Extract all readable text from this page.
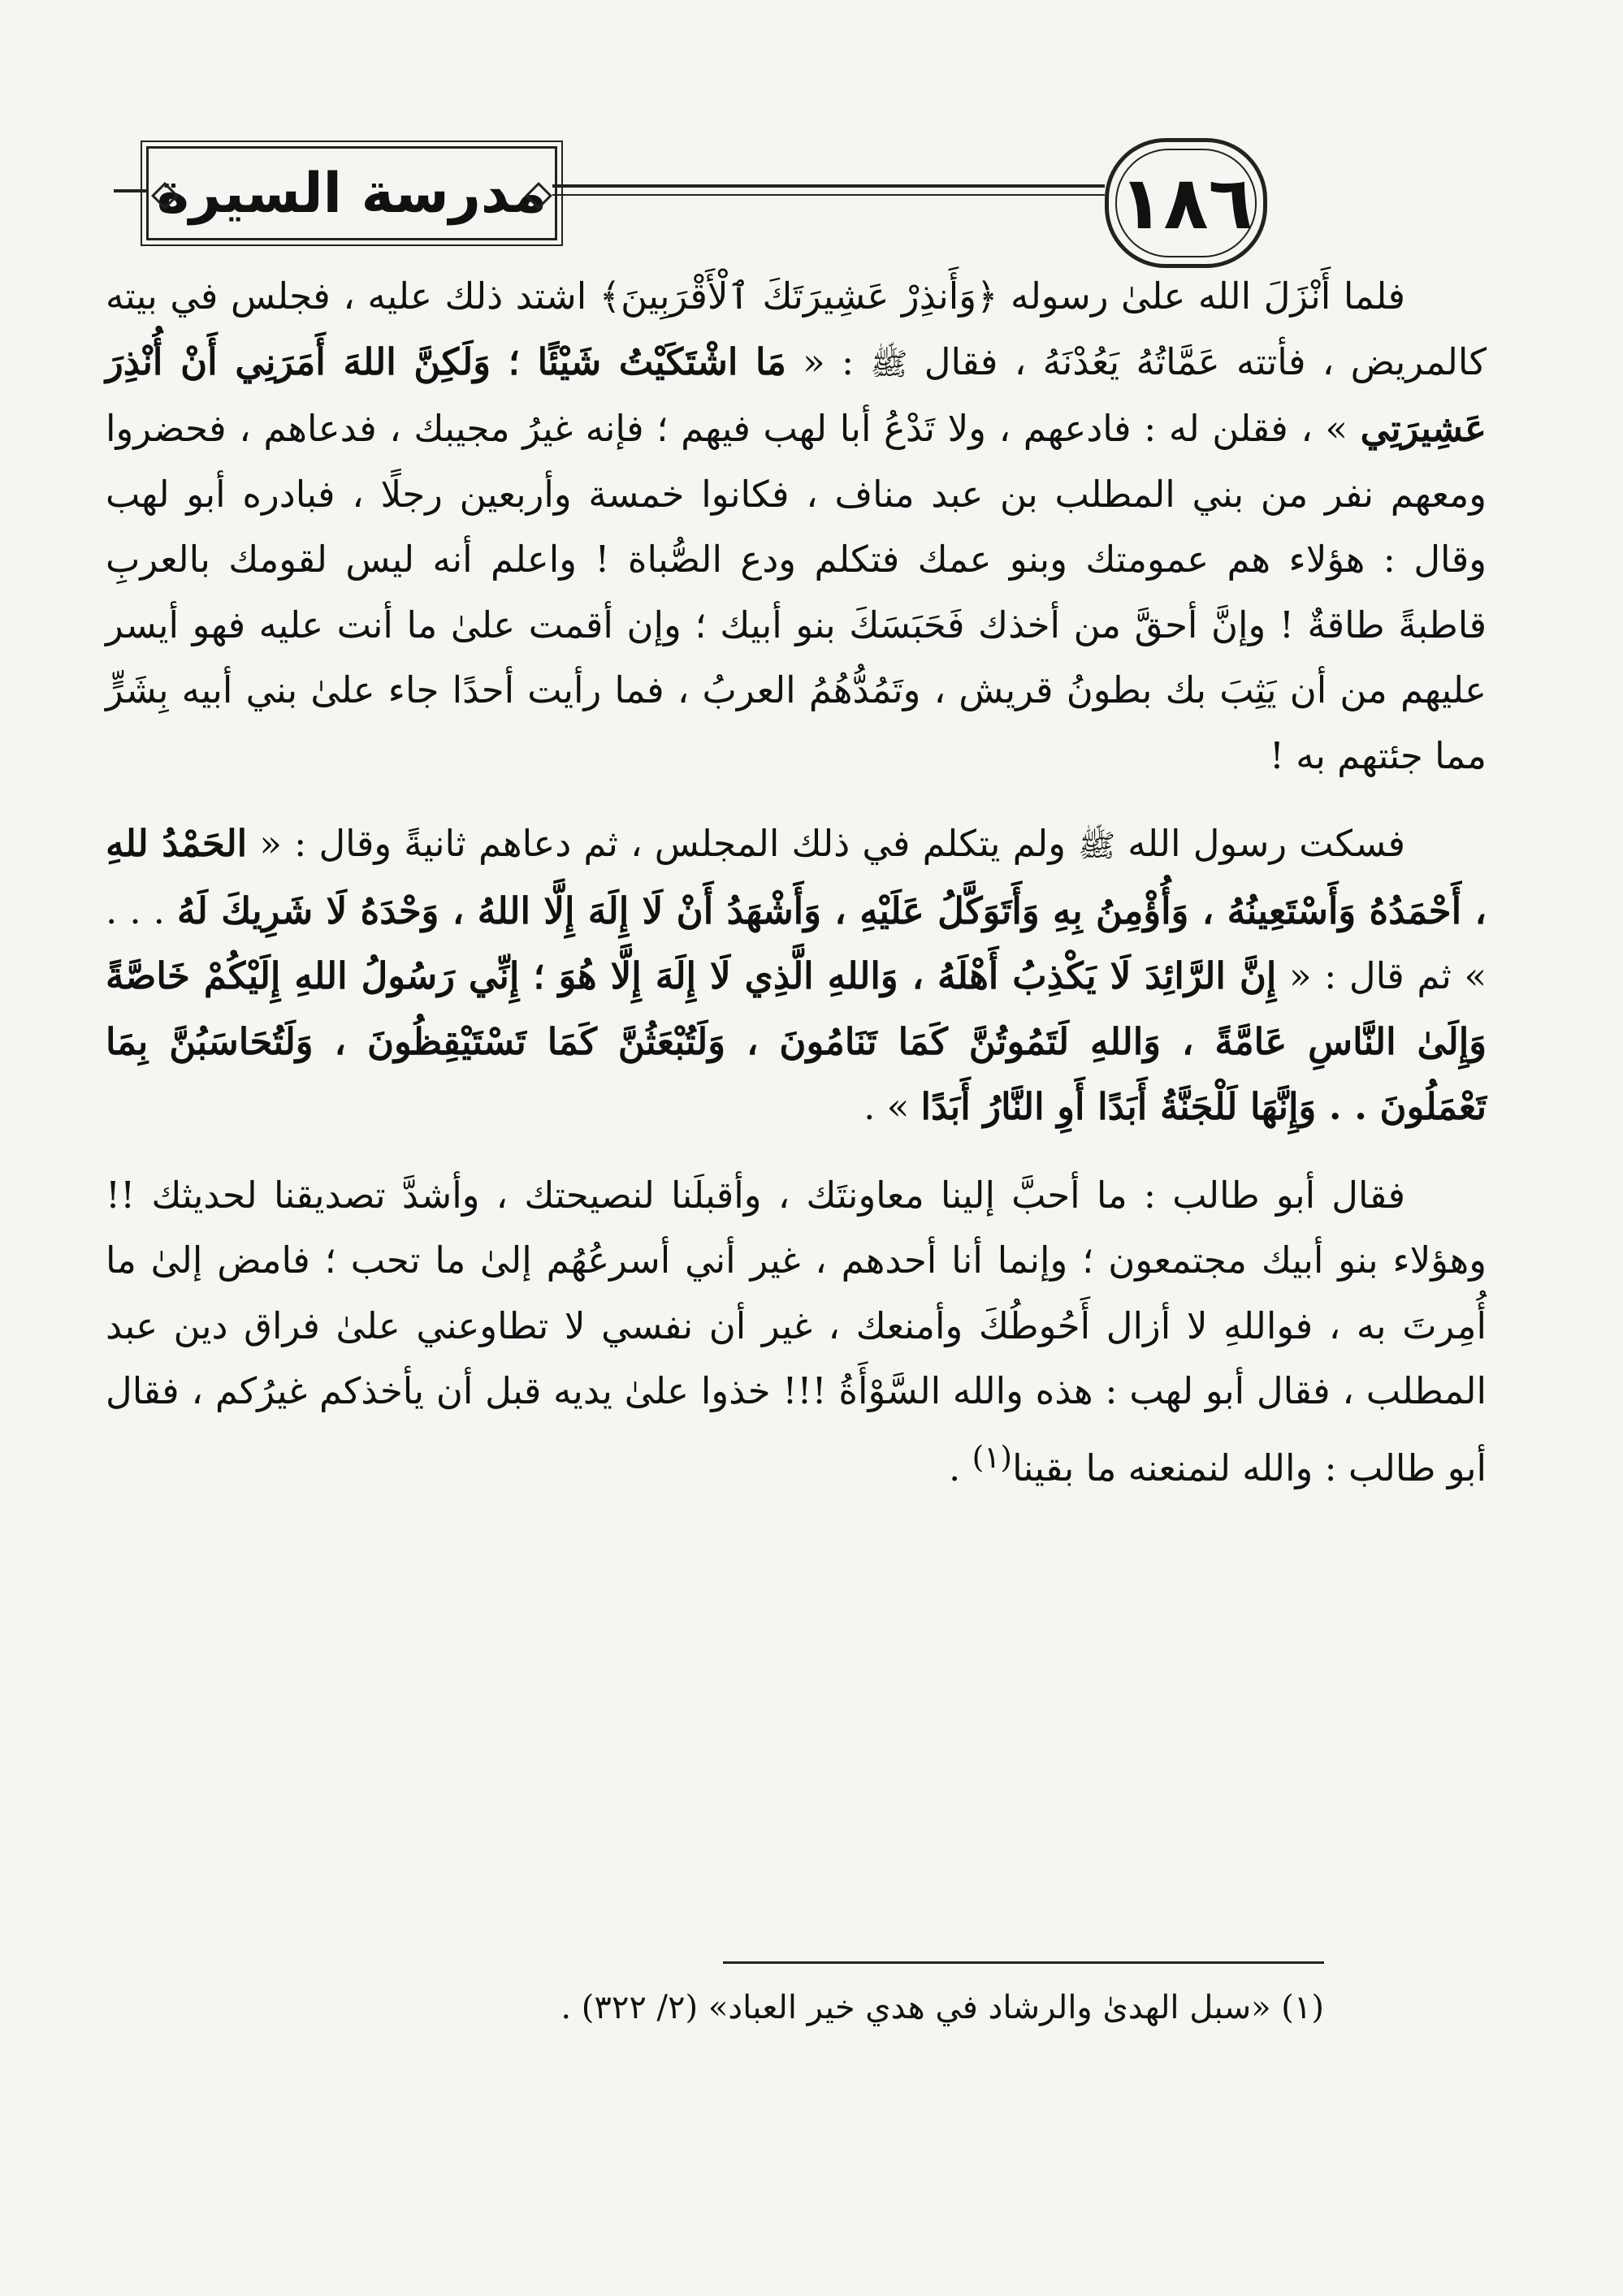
مدرسة السيرة	١٨٦

فلما أَنْزَلَ الله علىٰ رسوله ﴿وَأَنذِرْ عَشِيرَتَكَ ٱلْأَقْرَبِينَ﴾ اشتد ذلك عليه ، فجلس في بيته كالمريض ، فأتته عَمَّاتُهُ يَعُدْنَهُ ، فقال ﷺ : « مَا اشْتَكَيْتُ شَيْئًا ؛ وَلَكِنَّ اللهَ أَمَرَنِي أَنْ أُنْذِرَ عَشِيرَتِي » ، فقلن له : فادعهم ، ولا تَدْعُ أبا لهب فيهم ؛ فإنه غيرُ مجيبك ، فدعاهم ، فحضروا ومعهم نفر من بني المطلب بن عبد مناف ، فكانوا خمسة وأربعين رجلًا ، فبادره أبو لهب وقال : هؤلاء هم عمومتك وبنو عمك فتكلم ودع الصُّباة ! واعلم أنه ليس لقومك بالعربِ قاطبةً طاقةٌ ! وإنَّ أحقَّ من أخذك فَحَبَسَكَ بنو أبيك ؛ وإن أقمت علىٰ ما أنت عليه فهو أيسر عليهم من أن يَثِبَ بك بطونُ قريش ، وتَمُدُّهُمُ العربُ ، فما رأيت أحدًا جاء علىٰ بني أبيه بِشَرٍّ مما جئتهم به !

فسكت رسول الله ﷺ ولم يتكلم في ذلك المجلس ، ثم دعاهم ثانيةً وقال : « الحَمْدُ للهِ ، أَحْمَدُهُ وَأَسْتَعِينُهُ ، وَأُؤْمِنُ بِهِ وَأَتَوَكَّلُ عَلَيْهِ ، وَأَشْهَدُ أَنْ لَا إِلَهَ إِلَّا اللهُ ، وَحْدَهُ لَا شَرِيكَ لَهُ . . . » ثم قال : « إِنَّ الرَّائِدَ لَا يَكْذِبُ أَهْلَهُ ، وَاللهِ الَّذِي لَا إِلَهَ إِلَّا هُوَ ؛ إِنِّي رَسُولُ اللهِ إِلَيْكُمْ خَاصَّةً وَإِلَىٰ النَّاسِ عَامَّةً ، وَاللهِ لَتَمُوتُنَّ كَمَا تَنَامُونَ ، وَلَتُبْعَثُنَّ كَمَا تَسْتَيْقِظُونَ ، وَلَتُحَاسَبُنَّ بِمَا تَعْمَلُونَ . . وَإِنَّهَا لَلْجَنَّةُ أَبَدًا أَوِ النَّارُ أَبَدًا » .

فقال أبو طالب : ما أحبَّ إلينا معاونتَك ، وأقبلَنا لنصيحتك ، وأشدَّ تصديقنا لحديثك !! وهؤلاء بنو أبيك مجتمعون ؛ وإنما أنا أحدهم ، غير أني أسرعُهُم إلىٰ ما تحب ؛ فامض إلىٰ ما أُمِرتَ به ، فواللهِ لا أزال أَحُوطُكَ وأمنعك ، غير أن نفسي لا تطاوعني علىٰ فراق دين عبد المطلب ، فقال أبو لهب : هذه والله السَّوْأَةُ !!! خذوا علىٰ يديه قبل أن يأخذكم غيرُكم ، فقال أبو طالب : والله لنمنعنه ما بقينا$^{(١)}$ .

(١) «سبل الهدىٰ والرشاد في هدي خير العباد» (٢/ ٣٢٢) .
